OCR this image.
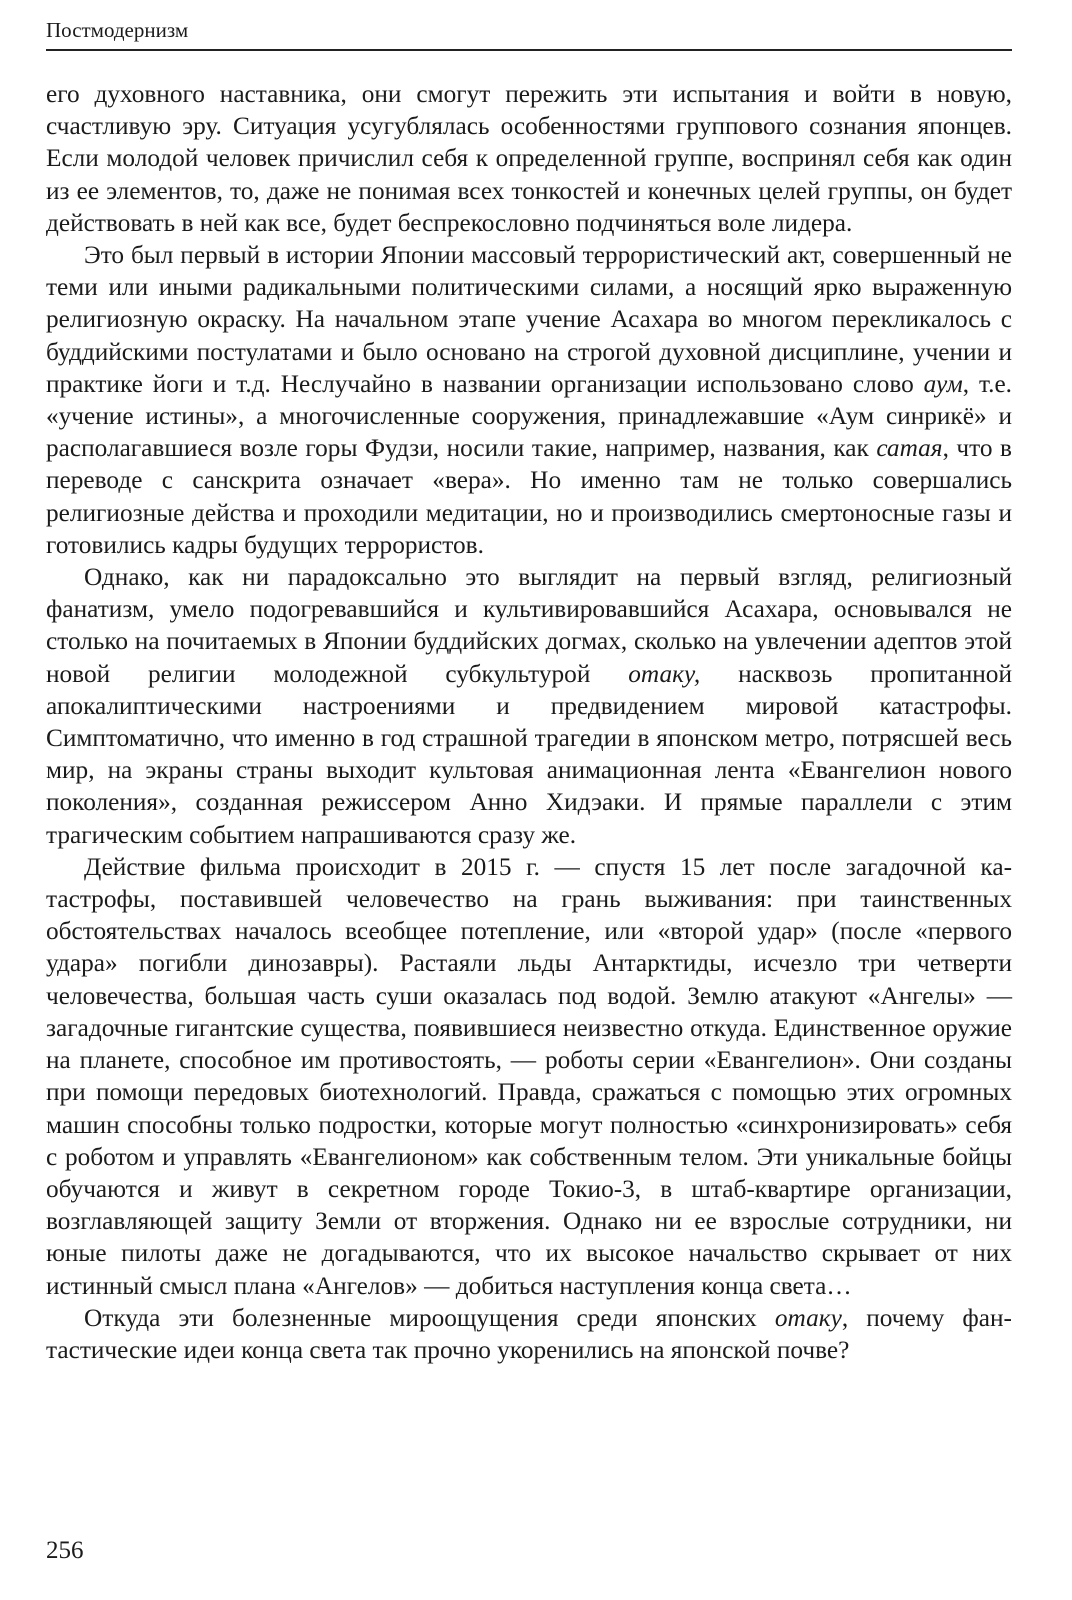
Постмодернизм

его духовного наставника, они смогут пережить эти испытания и войти в новую, счастливую эру. Ситуация усугублялась особенностями группового сознания японцев. Если молодой человек причислил себя к определенной группе, воспринял себя как один из ее элементов, то, даже не понимая всех тонкостей и конечных целей группы, он будет действовать в ней как все, будет беспрекословно подчиняться воле лидера.

Это был первый в истории Японии массовый террористический акт, совершенный не теми или иными радикальными политическими силами, а носящий ярко выраженную религиозную окраску. На начальном этапе учение Асахара во многом перекликалось с буддийскими постулатами и было основано на строгой духовной дисциплине, учении и практике йоги и т.д. Неслучайно в названии организации использовано слово аум, т.е. «учение истины», а многочисленные сооружения, принадлежавшие «Аум синрикё» и располагавшиеся возле горы Фудзи, носили такие, например, названия, как сатая, что в переводе с санскрита означает «вера». Но именно там не только совершались религиозные действа и проходили медитации, но и производились смертоносные газы и готовились кадры будущих террористов.

Однако, как ни парадоксально это выглядит на первый взгляд, религиозный фанатизм, умело подогревавшийся и культивировавшийся Асахара, основывался не столько на почитаемых в Японии буддийских догмах, сколько на увлечении адептов этой новой религии молодежной субкультурой отаку, насквозь пропитанной апокалиптическими настроениями и предвидением мировой катастрофы. Симптоматично, что именно в год страшной трагедии в японском метро, потрясшей весь мир, на экраны страны выходит культовая анимационная лента «Евангелион нового поколения», созданная режиссером Анно Хидэаки. И прямые параллели с этим трагическим событием напрашиваются сразу же.

Действие фильма происходит в 2015 г. — спустя 15 лет после загадочной катастрофы, поставившей человечество на грань выживания: при таинственных обстоятельствах началось всеобщее потепление, или «второй удар» (после «первого удара» погибли динозавры). Растаяли льды Антарктиды, исчезло три четверти человечества, большая часть суши оказалась под водой. Землю атакуют «Ангелы» — загадочные гигантские существа, появившиеся неизвестно откуда. Единственное оружие на планете, способное им противостоять, — роботы серии «Евангелион». Они созданы при помощи передовых биотехнологий. Правда, сражаться с помощью этих огромных машин способны только подростки, которые могут полностью «синхронизировать» себя с роботом и управлять «Евангелионом» как собственным телом. Эти уникальные бойцы обучаются и живут в секретном городе Токио-3, в штаб-квартире организации, возглавляющей защиту Земли от вторжения. Однако ни ее взрослые сотрудники, ни юные пилоты даже не догадываются, что их высокое начальство скрывает от них истинный смысл плана «Ангелов» — добиться наступления конца света…

Откуда эти болезненные мироощущения среди японских отаку, почему фантастические идеи конца света так прочно укоренились на японской почве?

256
